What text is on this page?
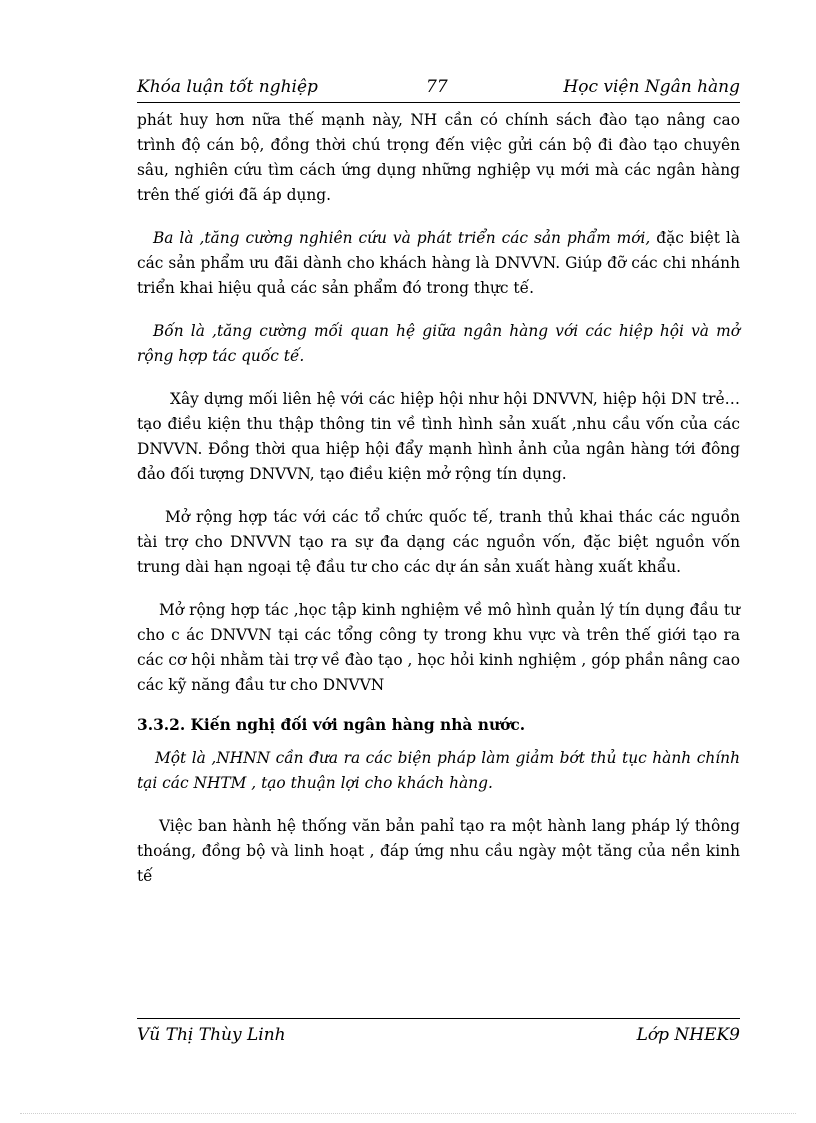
Khóa luận tốt nghiệp	77	Học viện Ngân hàng

phát huy hơn nữa thế mạnh này, NH cần có chính sách đào tạo nâng cao trình độ cán bộ, đồng thời chú trọng đến việc gửi cán bộ đi đào tạo chuyên sâu, nghiên cứu tìm cách ứng dụng những nghiệp vụ mới mà các ngân hàng trên thế giới đã áp dụng.

Ba là ,tăng cường nghiên cứu và phát triển các sản phẩm mới, đặc biệt là các sản phẩm ưu đãi dành cho khách hàng là DNVVN. Giúp đỡ các chi nhánh triển khai hiệu quả các sản phẩm đó trong thực tế.

Bốn là ,tăng cường mối quan hệ giữa ngân hàng với các hiệp hội và mở rộng hợp tác quốc tế.

Xây dựng mối liên hệ với các hiệp hội như hội DNVVN, hiệp hội DN trẻ…tạo điều kiện thu thập thông tin về tình hình sản xuất ,nhu cầu vốn của các DNVVN. Đồng thời qua hiệp hội đẩy mạnh hình ảnh của ngân hàng tới đông đảo đối tượng DNVVN, tạo điều kiện mở rộng tín dụng.

Mở rộng hợp tác với các tổ chức quốc tế, tranh thủ khai thác các nguồn tài trợ cho DNVVN tạo ra sự đa dạng các nguồn vốn, đặc biệt nguồn vốn trung dài hạn ngoại tệ đầu tư cho các dự án sản xuất hàng xuất khẩu.

Mở rộng hợp tác ,học tập kinh nghiệm về mô hình quản lý tín dụng đầu tư cho c ác DNVVN tại các tổng công ty trong khu vực và trên thế giới tạo ra các cơ hội nhằm tài trợ về đào tạo , học hỏi kinh nghiệm , góp phần nâng cao các kỹ năng đầu tư cho DNVVN

3.3.2. Kiến nghị đối với ngân hàng nhà nước.

Một là ,NHNN cần đưa ra các biện pháp làm giảm bớt thủ tục hành chính tại các NHTM , tạo thuận lợi cho khách hàng.

Việc ban hành hệ thống văn bản pahỉ tạo ra một hành lang pháp lý thông thoáng, đồng bộ và linh hoạt , đáp ứng nhu cầu ngày một tăng của nền kinh tế

Vũ Thị Thùy Linh	Lớp NHEK9
